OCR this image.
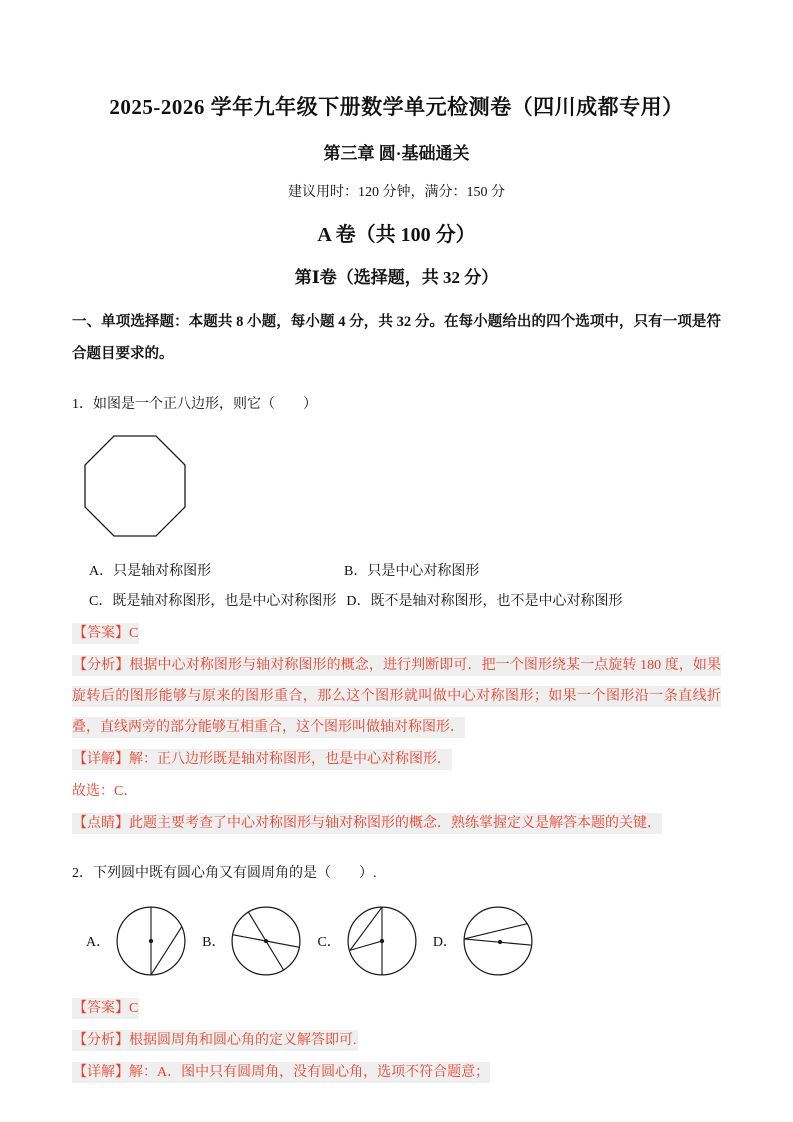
2025-2026 学年九年级下册数学单元检测卷（四川成都专用）
第三章 圆·基础通关

建议用时：120 分钟，满分：150 分

A 卷（共 100 分）
第Ⅰ卷（选择题，共 32 分）

一、单项选择题：本题共 8 小题，每小题 4 分，共 32 分。在每小题给出的四个选项中，只有一项是符合题目要求的。

1．如图是一个正八边形，则它（　　）

A．只是轴对称图形	B．只是中心对称图形
C．既是轴对称图形，也是中心对称图形 D．既不是轴对称图形，也不是中心对称图形

【答案】C

【分析】根据中心对称图形与轴对称图形的概念，进行判断即可．把一个图形绕某一点旋转 180 度，如果旋转后的图形能够与原来的图形重合，那么这个图形就叫做中心对称图形；如果一个图形沿一条直线折叠，直线两旁的部分能够互相重合，这个图形叫做轴对称图形．

【详解】解：正八边形既是轴对称图形，也是中心对称图形．

故选：C．

【点睛】此题主要考查了中心对称图形与轴对称图形的概念．熟练掌握定义是解答本题的关键．

2．下列圆中既有圆心角又有圆周角的是（　　）.

A．	B．	C．	D．

【答案】C

【分析】根据圆周角和圆心角的定义解答即可.

【详解】解：A．图中只有圆周角，没有圆心角，选项不符合题意；
